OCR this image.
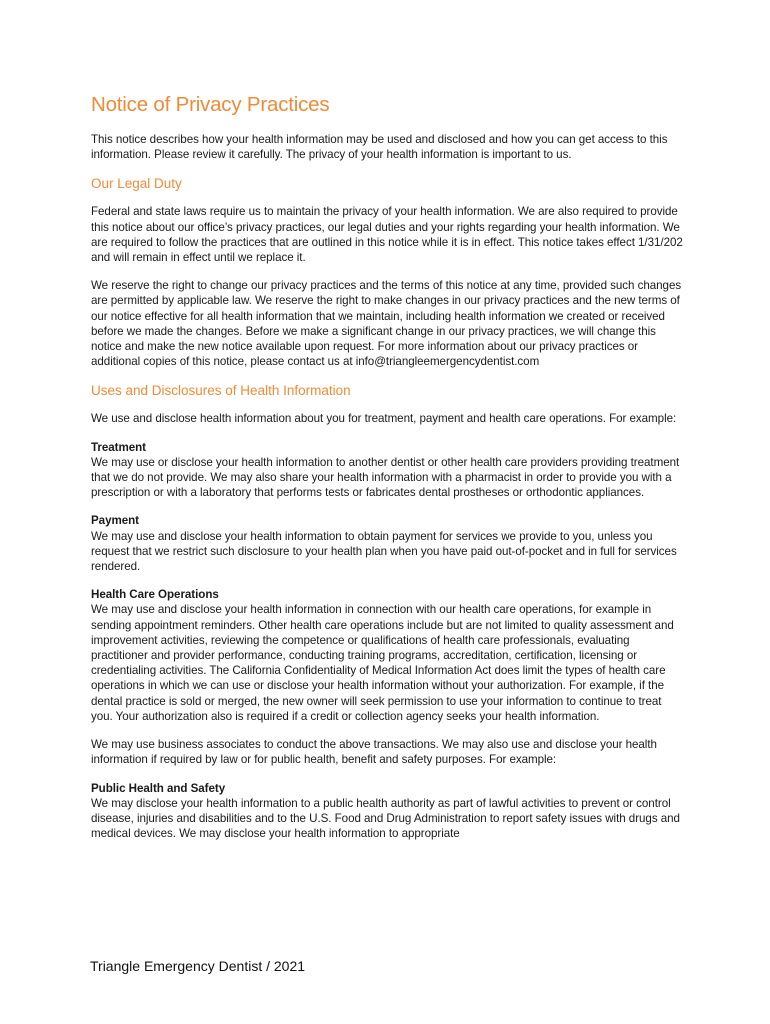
Notice of Privacy Practices

This notice describes how your health information may be used and disclosed and how you can get access to this information. Please review it carefully. The privacy of your health information is important to us.

Our Legal Duty

Federal and state laws require us to maintain the privacy of your health information. We are also required to provide this notice about our office’s privacy practices, our legal duties and your rights regarding your health information. We are required to follow the practices that are outlined in this notice while it is in effect. This notice takes effect 1/31/202 and will remain in effect until we replace it.

We reserve the right to change our privacy practices and the terms of this notice at any time, provided such changes are permitted by applicable law. We reserve the right to make changes in our privacy practices and the new terms of our notice effective for all health information that we maintain, including health information we created or received before we made the changes. Before we make a significant change in our privacy practices, we will change this notice and make the new notice available upon request. For more information about our privacy practices or additional copies of this notice, please contact us at info@triangleemergencydentist.com

Uses and Disclosures of Health Information

We use and disclose health information about you for treatment, payment and health care operations. For example:

Treatment

We may use or disclose your health information to another dentist or other health care providers providing treatment that we do not provide. We may also share your health information with a pharmacist in order to provide you with a prescription or with a laboratory that performs tests or fabricates dental prostheses or orthodontic appliances.

Payment

We may use and disclose your health information to obtain payment for services we provide to you, unless you request that we restrict such disclosure to your health plan when you have paid out-of-pocket and in full for services rendered.

Health Care Operations

We may use and disclose your health information in connection with our health care operations, for example in sending appointment reminders. Other health care operations include but are not limited to quality assessment and improvement activities, reviewing the competence or qualifications of health care professionals, evaluating practitioner and provider performance, conducting training programs, accreditation, certification, licensing or credentialing activities. The California Confidentiality of Medical Information Act does limit the types of health care operations in which we can use or disclose your health information without your authorization. For example, if the dental practice is sold or merged, the new owner will seek permission to use your information to continue to treat you. Your authorization also is required if a credit or collection agency seeks your health information.

We may use business associates to conduct the above transactions. We may also use and disclose your health information if required by law or for public health, benefit and safety purposes. For example:

Public Health and Safety

We may disclose your health information to a public health authority as part of lawful activities to prevent or control disease, injuries and disabilities and to the U.S. Food and Drug Administration to report safety issues with drugs and medical devices. We may disclose your health information to appropriate

Triangle Emergency Dentist / 2021
